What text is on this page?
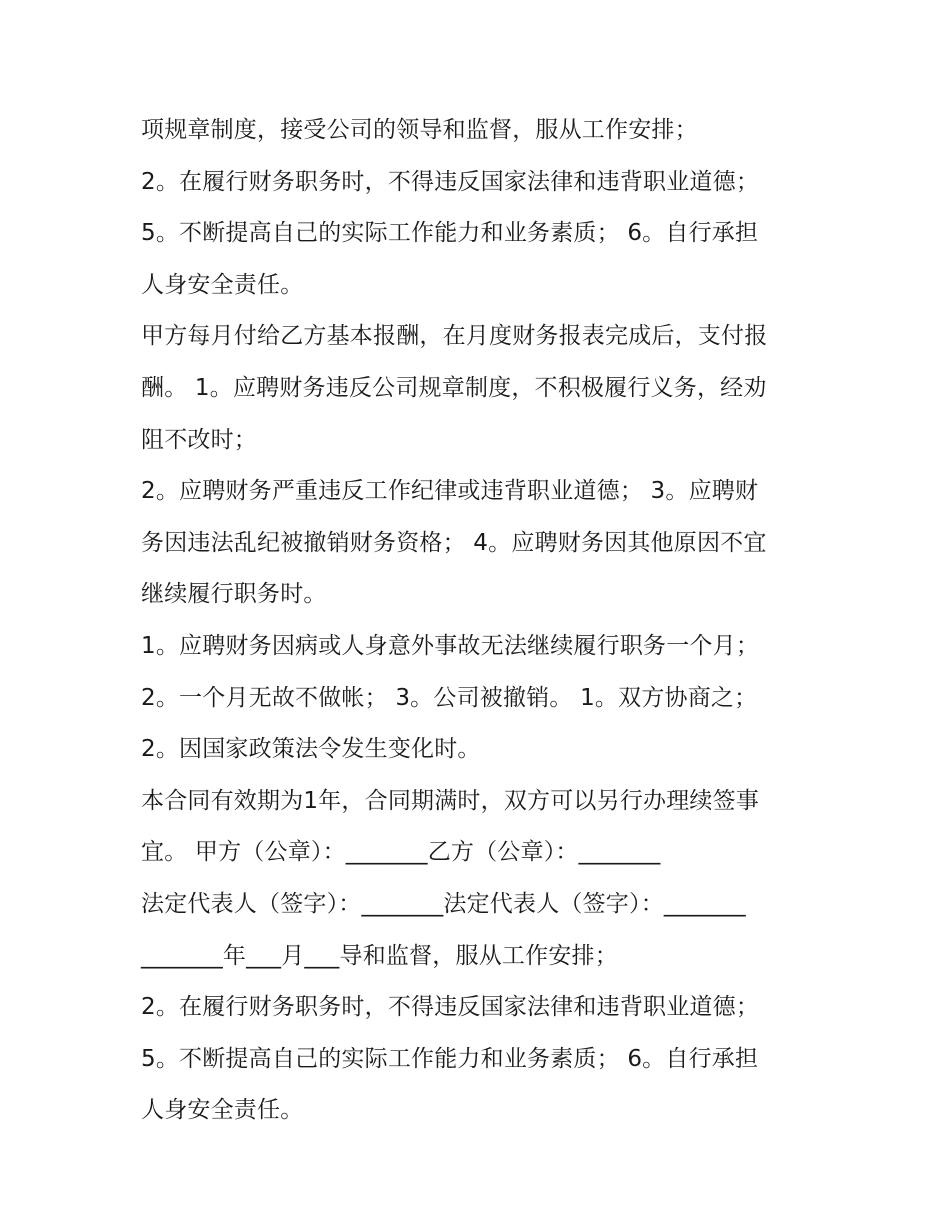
项规章制度，接受公司的领导和监督，服从工作安排；
2。在履行财务职务时，不得违反国家法律和违背职业道德；
5。不断提高自己的实际工作能力和业务素质； 6。自行承担
人身安全责任。
甲方每月付给乙方基本报酬，在月度财务报表完成后，支付报
酬。 1。应聘财务违反公司规章制度，不积极履行义务，经劝
阻不改时；
2。应聘财务严重违反工作纪律或违背职业道德； 3。应聘财
务因违法乱纪被撤销财务资格； 4。应聘财务因其他原因不宜
继续履行职务时。
1。应聘财务因病或人身意外事故无法继续履行职务一个月；
2。一个月无故不做帐； 3。公司被撤销。 1。双方协商之；
2。因国家政策法令发生变化时。
本合同有效期为1年，合同期满时，双方可以另行办理续签事
宜。 甲方（公章）：_______乙方（公章）：_______
法定代表人（签字）：_______法定代表人（签字）：_______
_______年___月___导和监督，服从工作安排；
2。在履行财务职务时，不得违反国家法律和违背职业道德；
5。不断提高自己的实际工作能力和业务素质； 6。自行承担
人身安全责任。
